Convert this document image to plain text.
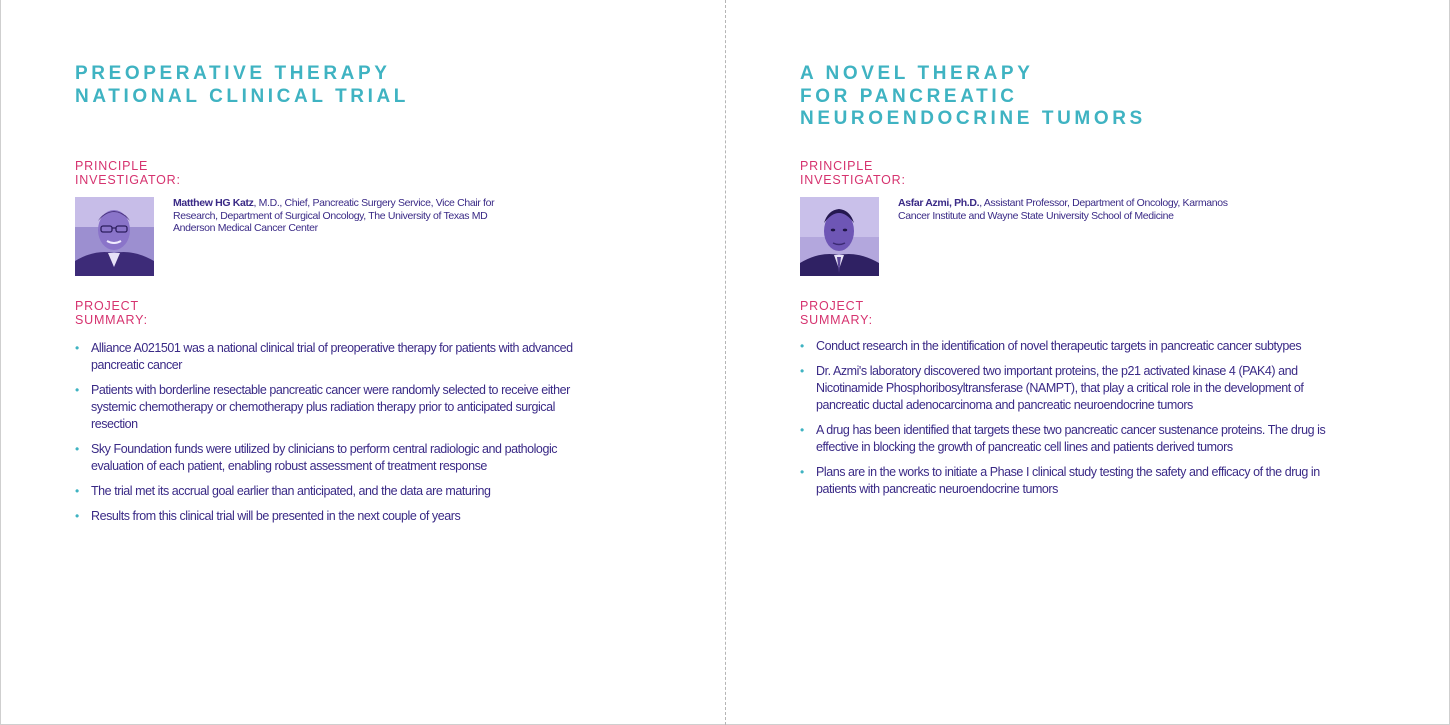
PREOPERATIVE THERAPY
NATIONAL CLINICAL TRIAL
PRINCIPLE
INVESTIGATOR:

Matthew HG Katz, M.D., Chief, Pancreatic Surgery Service, Vice Chair for Research, Department of Surgical Oncology, The University of Texas MD Anderson Medical Cancer Center

PROJECT
SUMMARY:
• Alliance A021501 was a national clinical trial of preoperative therapy for patients with advanced pancreatic cancer
• Patients with borderline resectable pancreatic cancer were randomly selected to receive either systemic chemotherapy or chemotherapy plus radiation therapy prior to anticipated surgical resection
• Sky Foundation funds were utilized by clinicians to perform central radiologic and pathologic evaluation of each patient, enabling robust assessment of treatment response
• The trial met its accrual goal earlier than anticipated, and the data are maturing
• Results from this clinical trial will be presented in the next couple of years
A NOVEL THERAPY
FOR PANCREATIC
NEUROENDOCRINE TUMORS
PRINCIPLE
INVESTIGATOR:

Asfar Azmi, Ph.D., Assistant Professor, Department of Oncology, Karmanos Cancer Institute and Wayne State University School of Medicine

PROJECT
SUMMARY:
• Conduct research in the identification of novel therapeutic targets in pancreatic cancer subtypes
• Dr. Azmi's laboratory discovered two important proteins, the p21 activated kinase 4 (PAK4) and Nicotinamide Phosphoribosyltransferase (NAMPT), that play a critical role in the development of pancreatic ductal adenocarcinoma and pancreatic neuroendocrine tumors
• A drug has been identified that targets these two pancreatic cancer sustenance proteins. The drug is effective in blocking the growth of pancreatic cell lines and patients derived tumors
• Plans are in the works to initiate a Phase I clinical study testing the safety and efficacy of the drug in patients with pancreatic neuroendocrine tumors
